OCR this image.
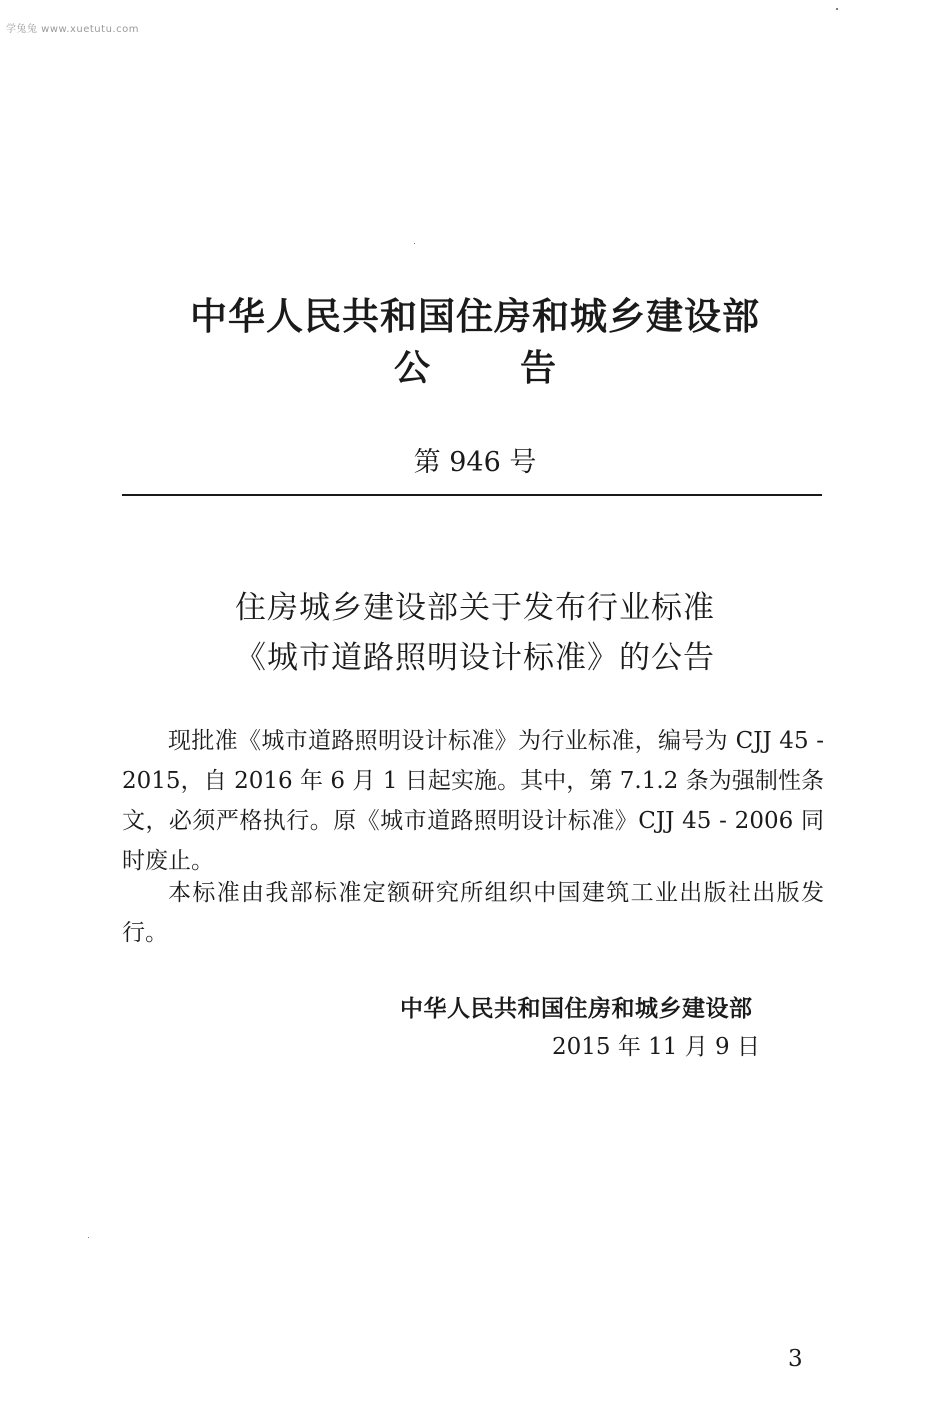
学兔兔 www.xuetutu.com
中华人民共和国住房和城乡建设部
公告
第 946 号
住房城乡建设部关于发布行业标准
《城市道路照明设计标准》的公告

现批准《城市道路照明设计标准》为行业标准，编号为 CJJ 45 - 2015，自 2016 年 6 月 1 日起实施。其中，第 7.1.2 条为强制性条文，必须严格执行。原《城市道路照明设计标准》CJJ 45 - 2006 同时废止。

本标准由我部标准定额研究所组织中国建筑工业出版社出版发行。

中华人民共和国住房和城乡建设部
2015 年 11 月 9 日
3
